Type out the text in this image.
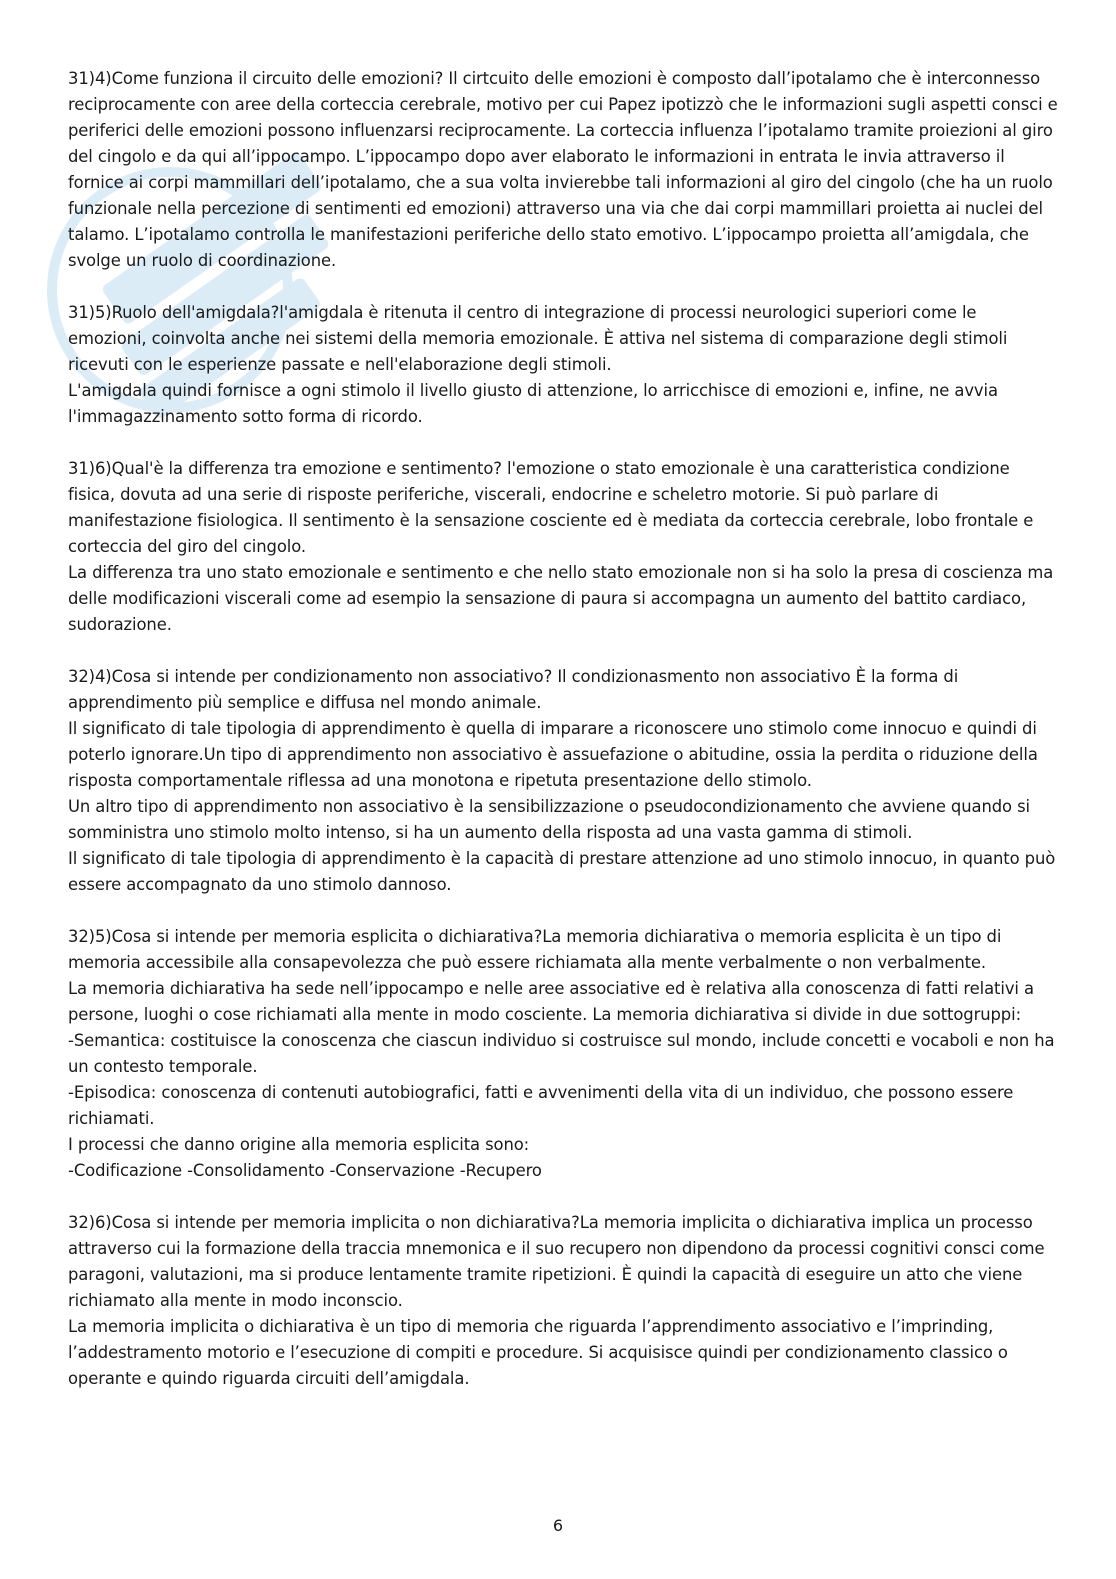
31)4)Come funziona il circuito delle emozioni? Il cirtcuito delle emozioni è composto dall’ipotalamo che è interconnesso reciprocamente con aree della corteccia cerebrale, motivo per cui Papez ipotizzò che le informazioni sugli aspetti consci e periferici delle emozioni possono influenzarsi reciprocamente. La corteccia influenza l’ipotalamo tramite proiezioni al giro del cingolo e da qui all’ippocampo. L’ippocampo dopo aver elaborato le informazioni in entrata le invia attraverso il fornice ai corpi mammillari dell’ipotalamo, che a sua volta invierebbe tali informazioni al giro del cingolo (che ha un ruolo funzionale nella percezione di sentimenti ed emozioni) attraverso una via che dai corpi mammillari proietta ai nuclei del talamo. L’ipotalamo controlla le manifestazioni periferiche dello stato emotivo. L’ippocampo proietta all’amigdala, che svolge un ruolo di coordinazione.

31)5)Ruolo dell'amigdala?l'amigdala è ritenuta il centro di integrazione di processi neurologici superiori come le emozioni, coinvolta anche nei sistemi della memoria emozionale. È attiva nel sistema di comparazione degli stimoli ricevuti con le esperienze passate e nell'elaborazione degli stimoli.

L'amigdala quindi fornisce a ogni stimolo il livello giusto di attenzione, lo arricchisce di emozioni e, infine, ne avvia l'immagazzinamento sotto forma di ricordo.

31)6)Qual'è la differenza tra emozione e sentimento? l'emozione o stato emozionale è una caratteristica condizione fisica, dovuta ad una serie di risposte periferiche, viscerali, endocrine e scheletro motorie. Si può parlare di manifestazione fisiologica. Il sentimento è la sensazione cosciente ed è mediata da corteccia cerebrale, lobo frontale e corteccia del giro del cingolo.

La differenza tra uno stato emozionale e sentimento e che nello stato emozionale non si ha solo la presa di coscienza ma delle modificazioni viscerali come ad esempio la sensazione di paura si accompagna un aumento del battito cardiaco, sudorazione.

32)4)Cosa si intende per condizionamento non associativo? Il condizionasmento non associativo È la forma di apprendimento più semplice e diffusa nel mondo animale.

Il significato di tale tipologia di apprendimento è quella di imparare a riconoscere uno stimolo come innocuo e quindi di poterlo ignorare.Un tipo di apprendimento non associativo è assuefazione o abitudine, ossia la perdita o riduzione della risposta comportamentale riflessa ad una monotona e ripetuta presentazione dello stimolo.

Un altro tipo di apprendimento non associativo è la sensibilizzazione o pseudocondizionamento che avviene quando si somministra uno stimolo molto intenso, si ha un aumento della risposta ad una vasta gamma di stimoli.

Il significato di tale tipologia di apprendimento è la capacità di prestare attenzione ad uno stimolo innocuo, in quanto può essere accompagnato da uno stimolo dannoso.

32)5)Cosa si intende per memoria esplicita o dichiarativa?La memoria dichiarativa o memoria esplicita è un tipo di memoria accessibile alla consapevolezza che può essere richiamata alla mente verbalmente o non verbalmente.

La memoria dichiarativa ha sede nell’ippocampo e nelle aree associative ed è relativa alla conoscenza di fatti relativi a persone, luoghi o cose richiamati alla mente in modo cosciente. La memoria dichiarativa si divide in due sottogruppi:

-Semantica: costituisce la conoscenza che ciascun individuo si costruisce sul mondo, include concetti e vocaboli e non ha un contesto temporale.

-Episodica: conoscenza di contenuti autobiografici, fatti e avvenimenti della vita di un individuo, che possono essere richiamati.

I processi che danno origine alla memoria esplicita sono:

-Codificazione -Consolidamento -Conservazione -Recupero

32)6)Cosa si intende per memoria implicita o non dichiarativa?La memoria implicita o dichiarativa implica un processo attraverso cui la formazione della traccia mnemonica e il suo recupero non dipendono da processi cognitivi consci come paragoni, valutazioni, ma si produce lentamente tramite ripetizioni. È quindi la capacità di eseguire un atto che viene richiamato alla mente in modo inconscio.

La memoria implicita o dichiarativa è un tipo di memoria che riguarda l’apprendimento associativo e l’imprinding, l’addestramento motorio e l’esecuzione di compiti e procedure. Si acquisisce quindi per condizionamento classico o operante e quindo riguarda circuiti dell’amigdala.

6
